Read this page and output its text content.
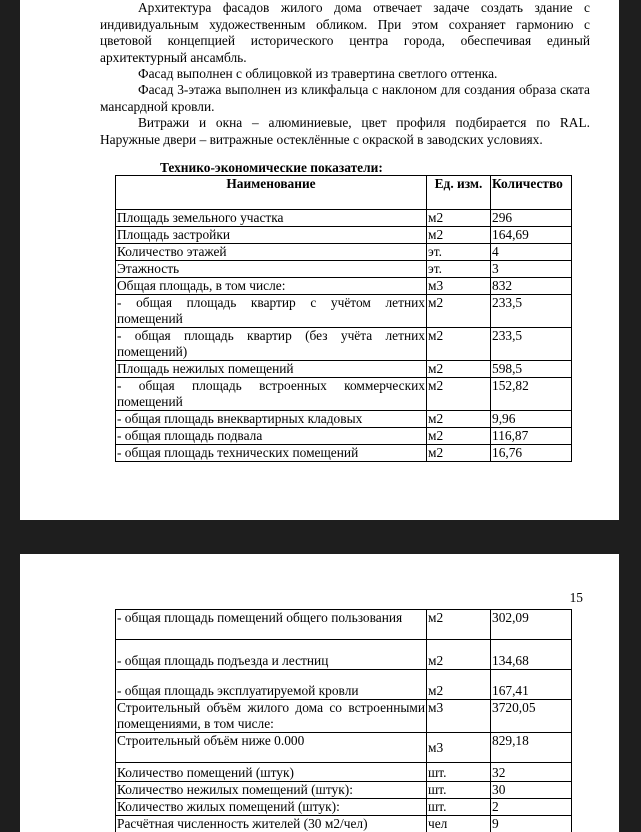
Архитектура фасадов жилого дома отвечает задаче создать здание с индивидуальным художественным обликом. При этом сохраняет гармонию с цветовой концепцией исторического центра города, обеспечивая единый архитектурный ансамбль.

Фасад выполнен с облицовкой из травертина светлого оттенка.

Фасад 3-этажа выполнен из кликфальца с наклоном для создания образа ската мансардной кровли.

Витражи и окна – алюминиевые, цвет профиля подбирается по RAL. Наружные двери – витражные остеклённые с окраской в заводских условиях.

Технико-экономические показатели:

Наименование	Ед. изм.	Количество
Площадь земельного участка	м2	296
Площадь застройки	м2	164,69
Количество этажей	эт.	4
Этажность	эт.	3
Общая площадь, в том числе:	м3	832
- общая площадь квартир с учётом летних помещений	м2	233,5
- общая площадь квартир (без учёта летних помещений)	м2	233,5
Площадь нежилых помещений	м2	598,5
- общая площадь встроенных коммерческих помещений	м2	152,82
- общая площадь внеквартирных кладовых	м2	9,96
- общая площадь подвала	м2	116,87
- общая площадь технических помещений	м2	16,76
15
- общая площадь помещений общего пользования	м2	302,09
- общая площадь подъезда и лестниц	м2	134,68
- общая площадь эксплуатируемой кровли	м2	167,41
Строительный объём жилого дома со встроенными помещениями, в том числе:	м3	3720,05
Строительный объём ниже 0.000	м3	829,18
Количество помещений (штук)	шт.	32
Количество нежилых помещений (штук):	шт.	30
Количество жилых помещений (штук):	шт.	2
Расчётная численность жителей (30 м2/чел)	чел	9
